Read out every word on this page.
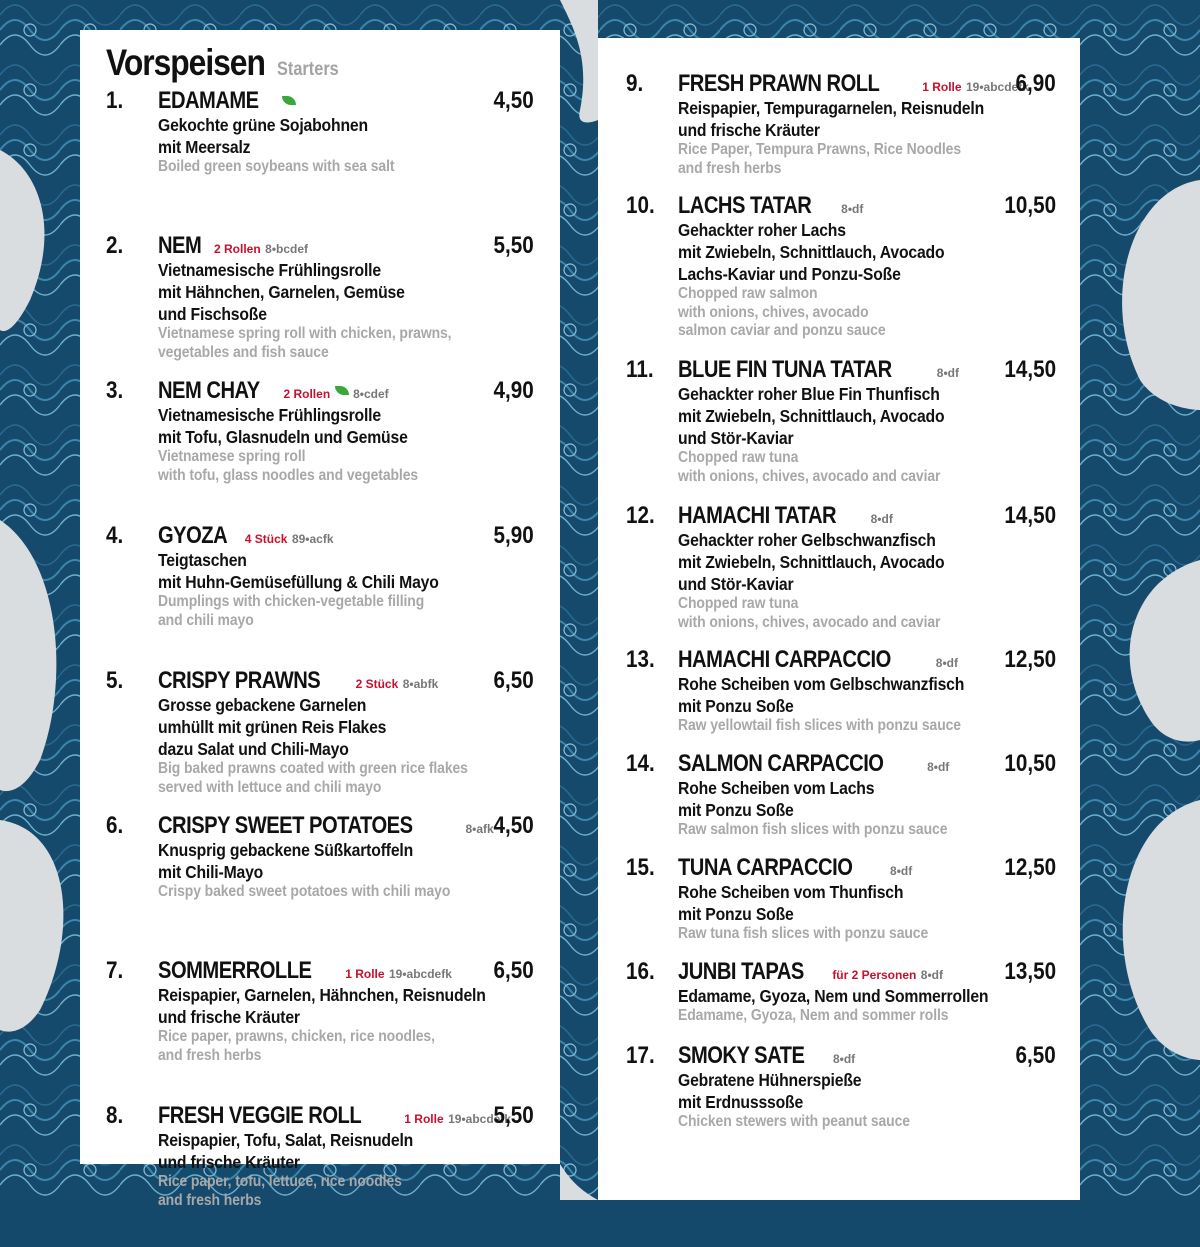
Vorspeisen Starters
1.	4,50
EDAMAME
Gekochte grüne Sojabohnen
mit Meersalz
Boiled green soybeans with sea salt
2.	5,50
NEM 2 Rollen 8•bcdef
Vietnamesische Frühlingsrolle
mit Hähnchen, Garnelen, Gemüse
und Fischsoße
Vietnamese spring roll with chicken, prawns,
vegetables and fish sauce
3.	4,90
NEM CHAY 2 Rollen 8•cdef
Vietnamesische Frühlingsrolle
mit Tofu, Glasnudeln und Gemüse
Vietnamese spring roll
with tofu, glass noodles and vegetables
4.	5,90
GYOZA 4 Stück 89•acfk
Teigtaschen
mit Huhn-Gemüsefüllung & Chili Mayo
Dumplings with chicken-vegetable filling
and chili mayo
5.	6,50
CRISPY PRAWNS	2 Stück 8•abfk
Grosse gebackene Garnelen
umhüllt mit grünen Reis Flakes
dazu Salat und Chili-Mayo
Big baked prawns coated with green rice flakes
served with lettuce and chili mayo
6.	4,50
CRISPY SWEET POTATOES	8•afk
Knusprig gebackene Süßkartoffeln
mit Chili-Mayo
Crispy baked sweet potatoes with chili mayo
7.	6,50
SOMMERROLLE	1 Rolle 19•abcdefk
Reispapier, Garnelen, Hähnchen, Reisnudeln
und frische Kräuter
Rice paper, prawns, chicken, rice noodles,
and fresh herbs
8.	5,50
FRESH VEGGIE ROLL	1 Rolle 19•abcdefk
Reispapier, Tofu, Salat, Reisnudeln
und frische Kräuter
Rice paper, tofu, lettuce, rice noodles
and fresh herbs
9.	6,90
FRESH PRAWN ROLL	1 Rolle 19•abcdefk
Reispapier, Tempuragarnelen, Reisnudeln
und frische Kräuter
Rice Paper, Tempura Prawns, Rice Noodles
and fresh herbs
10.	10,50
LACHS TATAR 8•df
Gehackter roher Lachs
mit Zwiebeln, Schnittlauch, Avocado
Lachs-Kaviar und Ponzu-Soße
Chopped raw salmon
with onions, chives, avocado
salmon caviar and ponzu sauce
11.	14,50
BLUE FIN TUNA TATAR	8•df
Gehackter roher Blue Fin Thunfisch
mit Zwiebeln, Schnittlauch, Avocado
und Stör-Kaviar
Chopped raw tuna
with onions, chives, avocado and caviar
12.	14,50
HAMACHI TATAR	8•df
Gehackter roher Gelbschwanzfisch
mit Zwiebeln, Schnittlauch, Avocado
und Stör-Kaviar
Chopped raw tuna
with onions, chives, avocado and caviar
13.	12,50
HAMACHI CARPACCIO	8•df
Rohe Scheiben vom Gelbschwanzfisch
mit Ponzu Soße
Raw yellowtail fish slices with ponzu sauce
14.	10,50
SALMON CARPACCIO	8•df
Rohe Scheiben vom Lachs
mit Ponzu Soße
Raw salmon fish slices with ponzu sauce
15.	12,50
TUNA CARPACCIO	8•df
Rohe Scheiben vom Thunfisch
mit Ponzu Soße
Raw tuna fish slices with ponzu sauce
16.	13,50
JUNBI TAPAS für 2 Personen 8•df
Edamame, Gyoza, Nem und Sommerrollen
Edamame, Gyoza, Nem and sommer rolls
17.	6,50
SMOKY SATE 8•df
Gebratene Hühnerspieße
mit Erdnusssoße
Chicken stewers with peanut sauce
